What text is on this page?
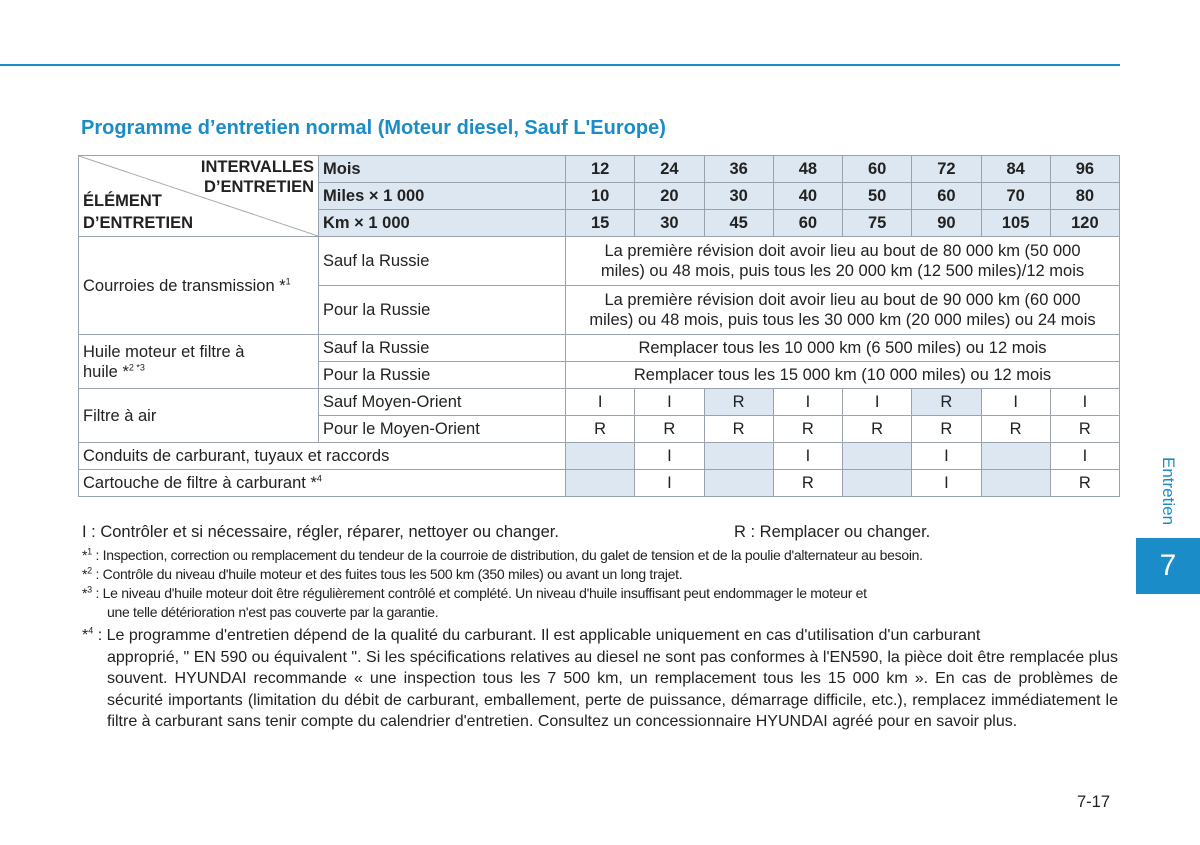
Programme d’entretien normal (Moteur diesel, Sauf L'Europe)
INTERVALLES
D’ENTRETIEN
ÉLÉMENT
D’ENTRETIEN	Mois	12	24	36	48	60	72	84	96
	Miles × 1 000	10	20	30	40	50	60	70	80
	Km × 1 000	15	30	45	60	75	90	105	120
Courroies de transmission *$^1$	Sauf la Russie	La première révision doit avoir lieu au bout de 80 000 km (50 000
miles) ou 48 mois, puis tous les 20 000 km (12 500 miles)/12 mois							

	Pour la Russie	La première révision doit avoir lieu au bout de 90 000 km (60 000
miles) ou 48 mois, puis tous les 30 000 km (20 000 miles) ou 24 mois							

Huile moteur et filtre à
huile *$^{2 *3}$	Sauf la Russie	Remplacer tous les 10 000 km (6 500 miles) ou 12 mois							
	Pour la Russie	Remplacer tous les 15 000 km (10 000 miles) ou 12 mois							
Filtre à air	Sauf Moyen-Orient	I	I	R	I	I	R	I	I
	Pour le Moyen-Orient	R	R	R	R	R	R	R	R
Conduits de carburant, tuyaux et raccords			I		I		I		I
Cartouche de filtre à carburant *$^4$			I		R		I		R
I : Contrôler et si nécessaire, régler, réparer, nettoyer ou changer.	R : Remplacer ou changer.
*$^1$ : Inspection, correction ou remplacement du tendeur de la courroie de distribution, du galet de tension et de la poulie d'alternateur au besoin.
*$^2$ : Contrôle du niveau d'huile moteur et des fuites tous les 500 km (350 miles) ou avant un long trajet.
*$^3$ : Le niveau d'huile moteur doit être régulièrement contrôlé et complété. Un niveau d'huile insuffisant peut endommager le moteur et
une telle détérioration n'est pas couverte par la garantie.
*$^4$ : Le programme d'entretien dépend de la qualité du carburant. Il est applicable uniquement en cas d'utilisation d'un carburant
approprié, " EN 590 ou équivalent ". Si les spécifications relatives au diesel ne sont pas conformes à l'EN590, la pièce doit être remplacée plus souvent. HYUNDAI recommande « une inspection tous les 7 500 km, un remplacement tous les 15 000 km ». En cas de problèmes de sécurité importants (limitation du débit de carburant, emballement, perte de puissance, démarrage difficile, etc.), remplacez immédiatement le filtre à carburant sans tenir compte du calendrier d'entretien. Consultez un concessionnaire HYUNDAI agréé pour en savoir plus.
7-17
Entretien
7
